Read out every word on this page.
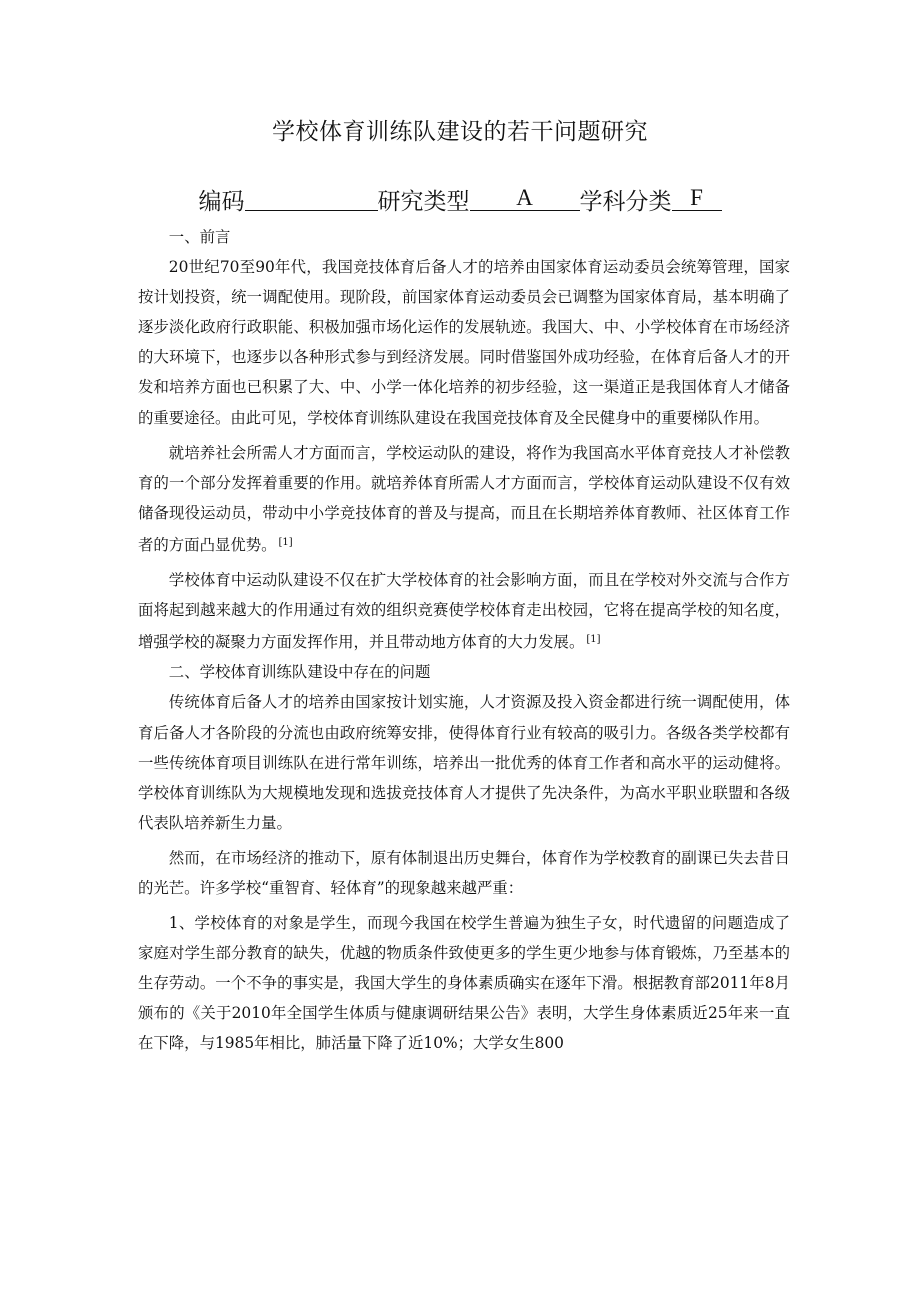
学校体育训练队建设的若干问题研究
编码	研究类型 A 学科分类 F

一、前言

20世纪70至90年代，我国竞技体育后备人才的培养由国家体育运动委员会统筹管理，国家按计划投资，统一调配使用。现阶段，前国家体育运动委员会已调整为国家体育局，基本明确了逐步淡化政府行政职能、积极加强市场化运作的发展轨迹。我国大、中、小学校体育在市场经济的大环境下，也逐步以各种形式参与到经济发展。同时借鉴国外成功经验，在体育后备人才的开发和培养方面也已积累了大、中、小学一体化培养的初步经验，这一渠道正是我国体育人才储备的重要途径。由此可见，学校体育训练队建设在我国竞技体育及全民健身中的重要梯队作用。

就培养社会所需人才方面而言，学校运动队的建设，将作为我国高水平体育竞技人才补偿教育的一个部分发挥着重要的作用。就培养体育所需人才方面而言，学校体育运动队建设不仅有效储备现役运动员，带动中小学竞技体育的普及与提高，而且在长期培养体育教师、社区体育工作者的方面凸显优势。 [1]

学校体育中运动队建设不仅在扩大学校体育的社会影响方面，而且在学校对外交流与合作方面将起到越来越大的作用通过有效的组织竞赛使学校体育走出校园，它将在提高学校的知名度，增强学校的凝聚力方面发挥作用，并且带动地方体育的大力发展。 [1]

二、学校体育训练队建设中存在的问题

传统体育后备人才的培养由国家按计划实施，人才资源及投入资金都进行统一调配使用，体育后备人才各阶段的分流也由政府统筹安排，使得体育行业有较高的吸引力。各级各类学校都有一些传统体育项目训练队在进行常年训练，培养出一批优秀的体育工作者和高水平的运动健将。学校体育训练队为大规模地发现和选拔竞技体育人才提供了先决条件，为高水平职业联盟和各级代表队培养新生力量。

然而，在市场经济的推动下，原有体制退出历史舞台，体育作为学校教育的副课已失去昔日的光芒。许多学校“重智育、轻体育”的现象越来越严重：

1、学校体育的对象是学生，而现今我国在校学生普遍为独生子女，时代遗留的问题造成了家庭对学生部分教育的缺失，优越的物质条件致使更多的学生更少地参与体育锻炼，乃至基本的生存劳动。一个不争的事实是，我国大学生的身体素质确实在逐年下滑。根据教育部2011年8月颁布的《关于2010年全国学生体质与健康调研结果公告》表明，大学生身体素质近25年来一直在下降，与1985年相比，肺活量下降了近10%；大学女生800
